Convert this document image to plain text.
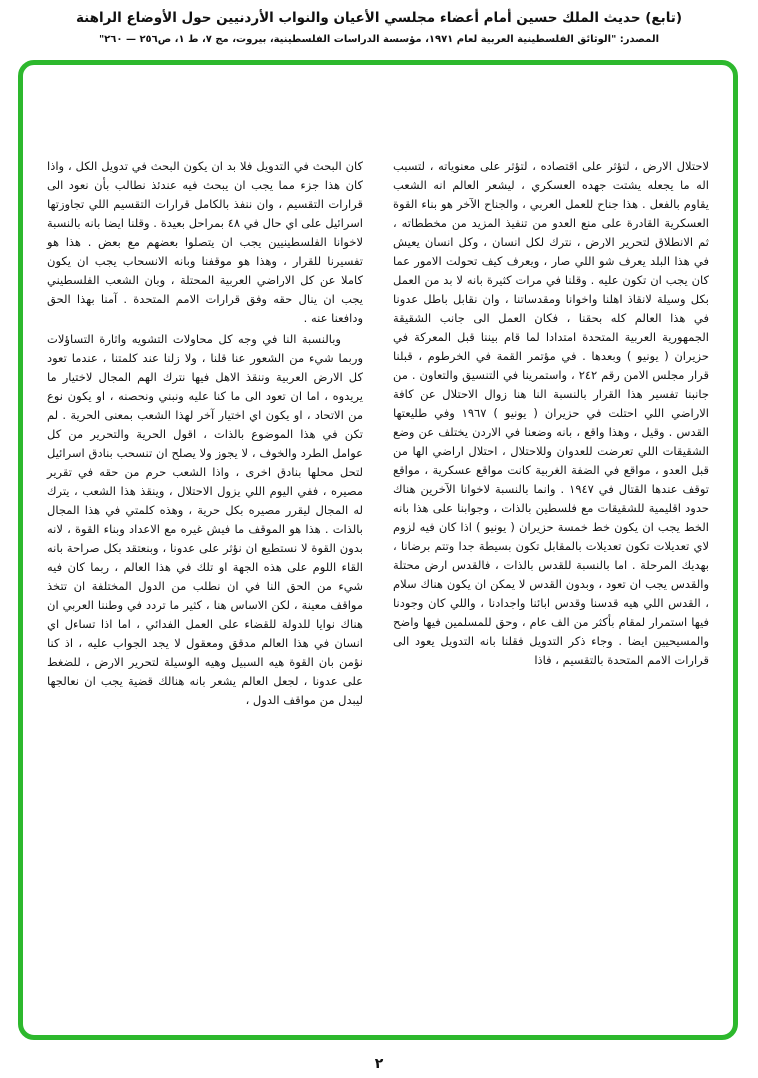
(تابع) حديث الملك حسين أمام أعضاء مجلسي الأعيان والنواب الأردنيين حول الأوضاع الراهنة
المصدر: "الوثائق الفلسطينية العربية لعام ١٩٧١، مؤسسة الدراسات الفلسطينية، بيروت، مج ٧، ط ١، ص٢٥٦ — ٢٦٠"

لاحتلال الارض ، لتؤثر على اقتصاده ، لتؤثر على معنوياته ، لتسبب اله ما يجعله يشتت جهده العسكري ، ليشعر العالم انه الشعب يقاوم بالفعل . هذا جناح للعمل العربي ، والجناح الآخر هو بناء القوة العسكرية القادرة على منع العدو من تنفيذ المزيد من مخططاته ، ثم الانطلاق لتحرير الارض ، نترك لكل انسان ، وكل انسان يعيش في هذا البلد يعرف شو اللي صار ، ويعرف كيف تحولت الامور عما كان يجب ان تكون عليه . وقلنا في مرات كثيرة بانه لا بد من العمل بكل وسيلة لانقاذ اهلنا واخوانا ومقدساتنا ، وان نقابل باطل عدونا في هذا العالم كله بحقنا ، فكان العمل الى جانب الشقيقة الجمهورية العربية المتحدة امتدادا لما قام بيننا قبل المعركة في حزيران ( يونيو ) وبعدها . في مؤتمر القمة في الخرطوم ، قبلنا قرار مجلس الامن رقم ٢٤٢ ، واستمرينا في التنسيق والتعاون . من جانبنا تفسير هذا القرار بالنسبة النا هنا زوال الاحتلال عن كافة الاراضي اللي احتلت في حزيران ( يونيو ) ١٩٦٧ وفي طليعتها القدس . وقيل ، وهذا واقع ، بانه وضعنا في الاردن يختلف عن وضع الشقيقات اللي تعرضت للعدوان وللاحتلال ، احتلال اراضي الها من قبل العدو ، مواقع في الضفة الغربية كانت مواقع عسكرية ، مواقع توقف عندها القتال في ١٩٤٧ . وانما بالنسبة لاخوانا الآخرين هناك حدود اقليمية للشقيقات مع فلسطين بالذات ، وجوابنا على هذا بانه الخط يجب ان يكون خط خمسة حزيران ( يونيو ) اذا كان فيه لزوم لاي تعديلات تكون تعديلات بالمقابل تكون بسيطة جدا وتتم برضانا ، بهديك المرحلة . اما بالنسبة للقدس بالذات ، فالقدس ارض محتلة والقدس يجب ان تعود ، وبدون القدس لا يمكن ان يكون هناك سلام ، القدس اللي هيه قدسنا وقدس ابائنا واجدادنا ، واللي كان وجودنا فيها استمرار لمقام بأكثر من الف عام ، وحق للمسلمين فيها واضح والمسيحيين ايضا . وجاء ذكر التدويل فقلنا بانه التدويل يعود الى قرارات الامم المتحدة بالتقسيم ، فاذا

كان البحث في التدويل فلا بد ان يكون البحث في تدويل الكل ، واذا كان هذا جزء مما يجب ان يبحث فيه عندئذ نطالب بأن نعود الى قرارات التقسيم ، وان ننفذ بالكامل قرارات التقسيم اللي تجاوزتها اسرائيل على اي حال في ٤٨ بمراحل بعيدة . وقلنا ايضا بانه بالنسبة لاخوانا الفلسطينيين يجب ان يتصلوا بعضهم مع بعض . هذا هو تفسيرنا للقرار ، وهذا هو موقفنا وبانه الانسحاب يجب ان يكون كاملا عن كل الاراضي العربية المحتلة ، وبان الشعب الفلسطيني يجب ان ينال حقه وفق قرارات الامم المتحدة . آمنا بهذا الحق ودافعنا عنه .

وبالنسبة النا في وجه كل محاولات التشويه واثارة التساؤلات وربما شيء من الشعور عنا قلنا ، ولا زلنا عند كلمتنا ، عندما تعود كل الارض العربية وننقذ الاهل فيها نترك الهم المجال لاختيار ما يريدوه ، اما ان تعود الى ما كنا عليه ونبني ونحصنه ، او يكون نوع من الاتحاد ، او يكون اي اختيار آخر لهذا الشعب بمعنى الحرية . لم تكن في هذا الموضوع بالذات ، اقول الحرية والتحرير من كل عوامل الطرد والخوف ، لا يجوز ولا يصلح ان تنسحب بنادق اسرائيل لتحل محلها بنادق اخرى ، واذا الشعب حرم من حقه في تقرير مصيره ، ففي اليوم اللي يزول الاحتلال ، وينقذ هذا الشعب ، يترك له المجال ليقرر مصيره بكل حرية ، وهذه كلمتي في هذا المجال بالذات . هذا هو الموقف ما فيش غيره مع الاعداد وبناء القوة ، لانه بدون القوة لا نستطيع ان نؤثر على عدونا ، وبنعتقد بكل صراحة بانه القاء اللوم على هذه الجهة او تلك في هذا العالم ، ربما كان فيه شيء من الحق النا في ان نطلب من الدول المختلفة ان تتخذ مواقف معينة ، لكن الاساس هنا ، كثير ما تردد في وطننا العربي ان هناك نوايا للدولة للقضاء على العمل الفدائي ، اما اذا تساءل اي انسان في هذا العالم مدقق ومعقول لا يجد الجواب عليه ، اذ كنا نؤمن بان القوة هيه السبيل وهيه الوسيلة لتحرير الارض ، للضغط على عدونا ، لجعل العالم يشعر بانه هنالك قضية يجب ان نعالجها ليبدل من مواقف الدول ،

٢
